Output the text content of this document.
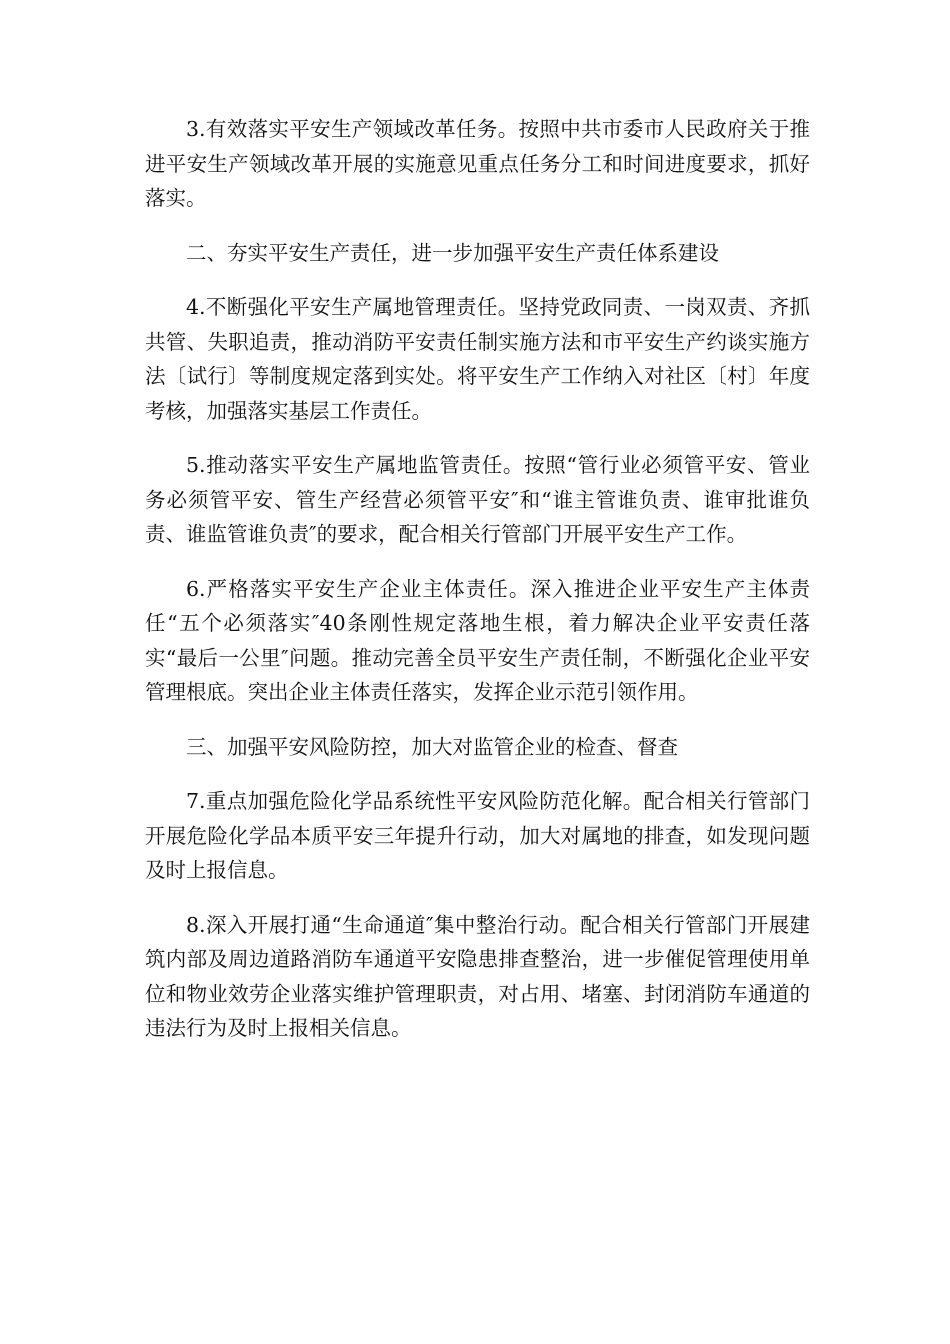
3.有效落实平安生产领域改革任务。按照中共市委市人民政府关于推进平安生产领域改革开展的实施意见重点任务分工和时间进度要求，抓好落实。

二、夯实平安生产责任，进一步加强平安生产责任体系建设

4.不断强化平安生产属地管理责任。坚持党政同责、一岗双责、齐抓共管、失职追责，推动消防平安责任制实施方法和市平安生产约谈实施方法〔试行〕等制度规定落到实处。将平安生产工作纳入对社区〔村〕年度考核，加强落实基层工作责任。

5.推动落实平安生产属地监管责任。按照“管行业必须管平安、管业务必须管平安、管生产经营必须管平安″和“谁主管谁负责、谁审批谁负责、谁监管谁负责″的要求，配合相关行管部门开展平安生产工作。

6.严格落实平安生产企业主体责任。深入推进企业平安生产主体责任“五个必须落实″40条刚性规定落地生根，着力解决企业平安责任落实“最后一公里″问题。推动完善全员平安生产责任制，不断强化企业平安管理根底。突出企业主体责任落实，发挥企业示范引领作用。

三、加强平安风险防控，加大对监管企业的检查、督查

7.重点加强危险化学品系统性平安风险防范化解。配合相关行管部门开展危险化学品本质平安三年提升行动，加大对属地的排查，如发现问题及时上报信息。

8.深入开展打通“生命通道″集中整治行动。配合相关行管部门开展建筑内部及周边道路消防车通道平安隐患排查整治，进一步催促管理使用单位和物业效劳企业落实维护管理职责，对占用、堵塞、封闭消防车通道的违法行为及时上报相关信息。
